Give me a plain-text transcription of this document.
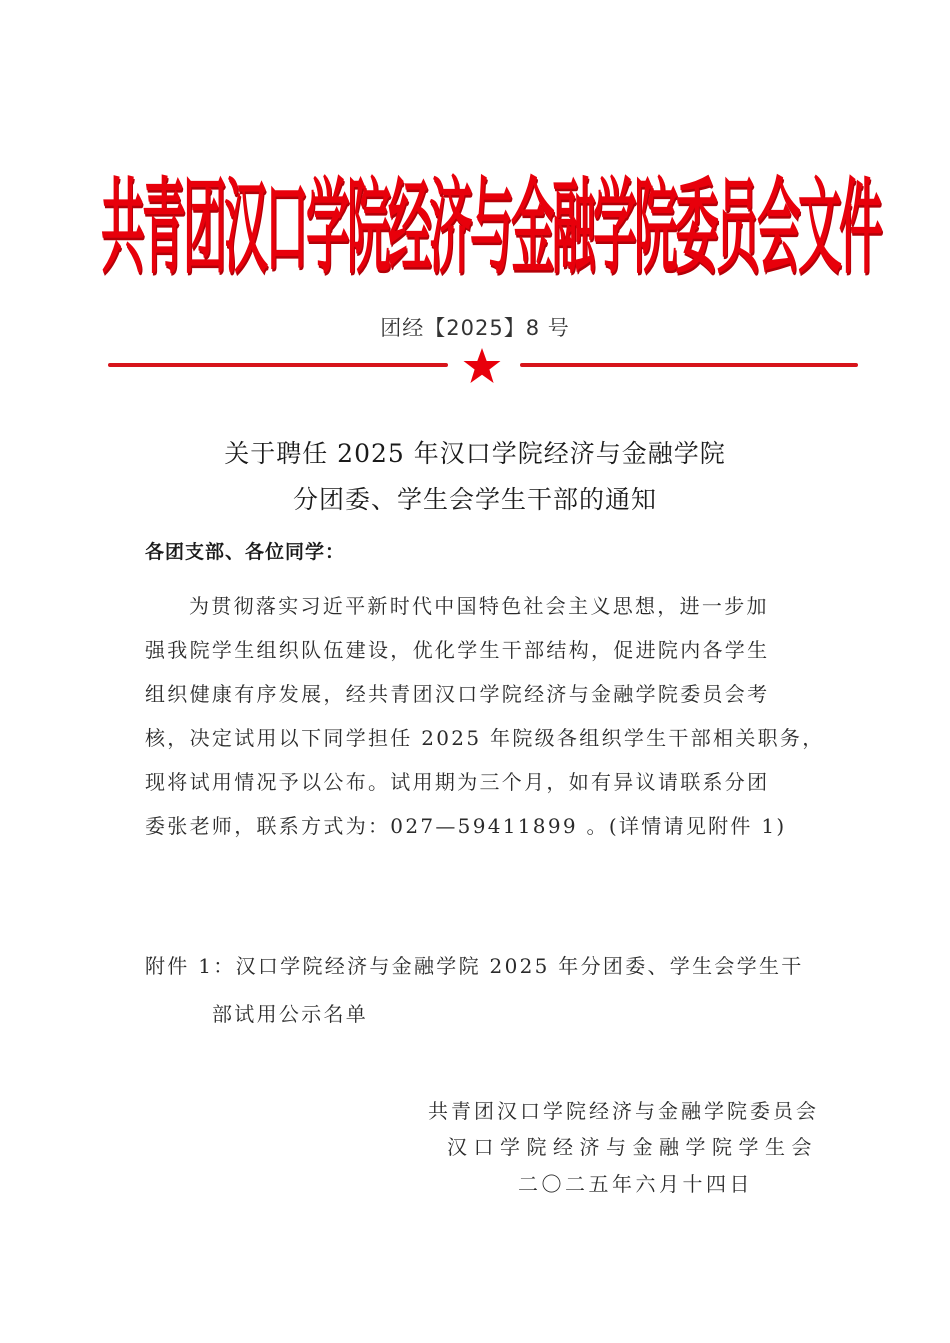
共
青
团
汉
口
学
院
经
济
与
金
融
学
院
委
员
会
文
件
团经【2025】8 号
关于聘任 2025 年汉口学院经济与金融学院
分团委、学生会学生干部的通知
各团支部、各位同学：
为贯彻落实习近平新时代中国特色社会主义思想，进一步加
强我院学生组织队伍建设，优化学生干部结构，促进院内各学生
组织健康有序发展，经共青团汉口学院经济与金融学院委员会考
核，决定试用以下同学担任 2025 年院级各组织学生干部相关职务，
现将试用情况予以公布。试用期为三个月，如有异议请联系分团
委张老师，联系方式为：027—59411899 。(详情请见附件 1)
附件 1：汉口学院经济与金融学院 2025 年分团委、学生会学生干
部试用公示名单
共青团汉口学院经济与金融学院委员会
汉口学院经济与金融学院学生会
二〇二五年六月十四日
